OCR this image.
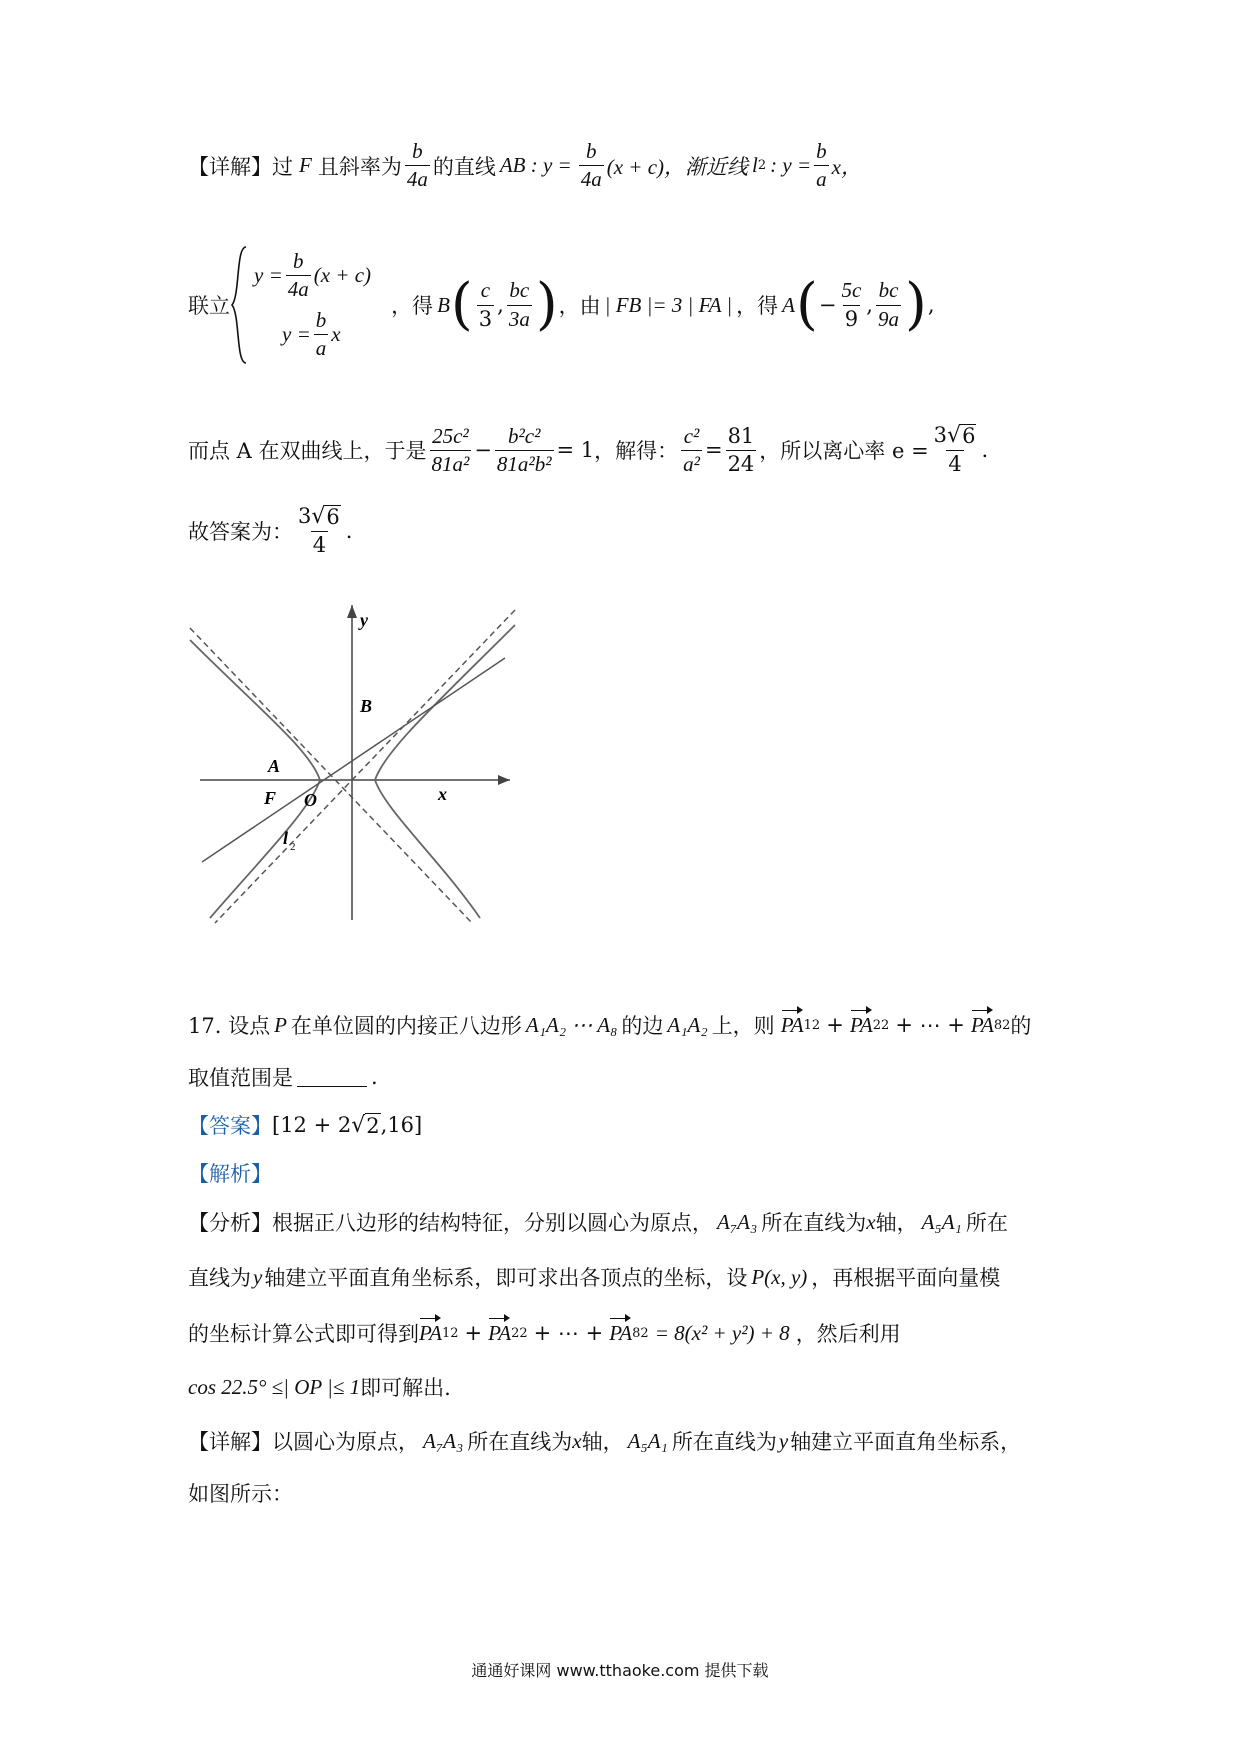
【详解】 过 F 且斜率为 $\frac{b}{4a}$ 的直线 AB : $y = \frac{b}{4a} (x + c)$，渐近线 l 2 : $y = \frac{b}{a}$ x，
联立
$y = \frac{b}{4a} (x + c)$
$y = \frac{b}{a}$ x
，得 B ( $\frac{c}{3}$ , $\frac{bc}{3a}$ ) ，由 | FB |= 3 | FA | ，得 A ( − $\frac{5c}{9}$ , $\frac{bc}{9a}$ ) ,
而点 A 在双曲线上，于是 $\frac{\text{25c²}}{\text{81a²}} - \frac{\text{b²c²}}{\text{81a²b²}} = 1$ ，解得： $\frac{\text{c²}}{\text{a²}} = \frac{81}{24}$ ，所以离心率 $e = \frac{3 √ 6}{4}$ .
故答案为： $\frac{3 √ 6}{4}$ .
y
x
A
B
F O
l 2
17. 设点 P 在单位圆的内接正八边形 A₁A₂ ⋯ A₈ 的边 A₁A₂ 上，则 PA 1 2 + PA 2 2 + ⋯ + PA 8 2 的
取值范围是	.
【答案】 [12 + 2 √ 2 ,16]
【解析】
【分析】 根据正八边形的结构特征，分别以圆心为原点， A₇A₃ 所在直线为 x 轴， A₅A₁ 所在
直线为 y 轴建立平面直角坐标系，即可求出各顶点的坐标，设 P(x, y) ，再根据平面向量模
的坐标计算公式即可得到 PA 1 2 + PA 2 2 + ⋯ + PA 8 2 = 8(x² + y²) + 8 ，然后利用
cos 22.5° ≤| OP |≤ 1 即可解出.
【详解】 以圆心为原点， A₇A₃ 所在直线为 x 轴， A₅A₁ 所在直线为 y 轴建立平面直角坐标系，
如图所示：
通通好课网 www.tthaoke.com 提供下载
